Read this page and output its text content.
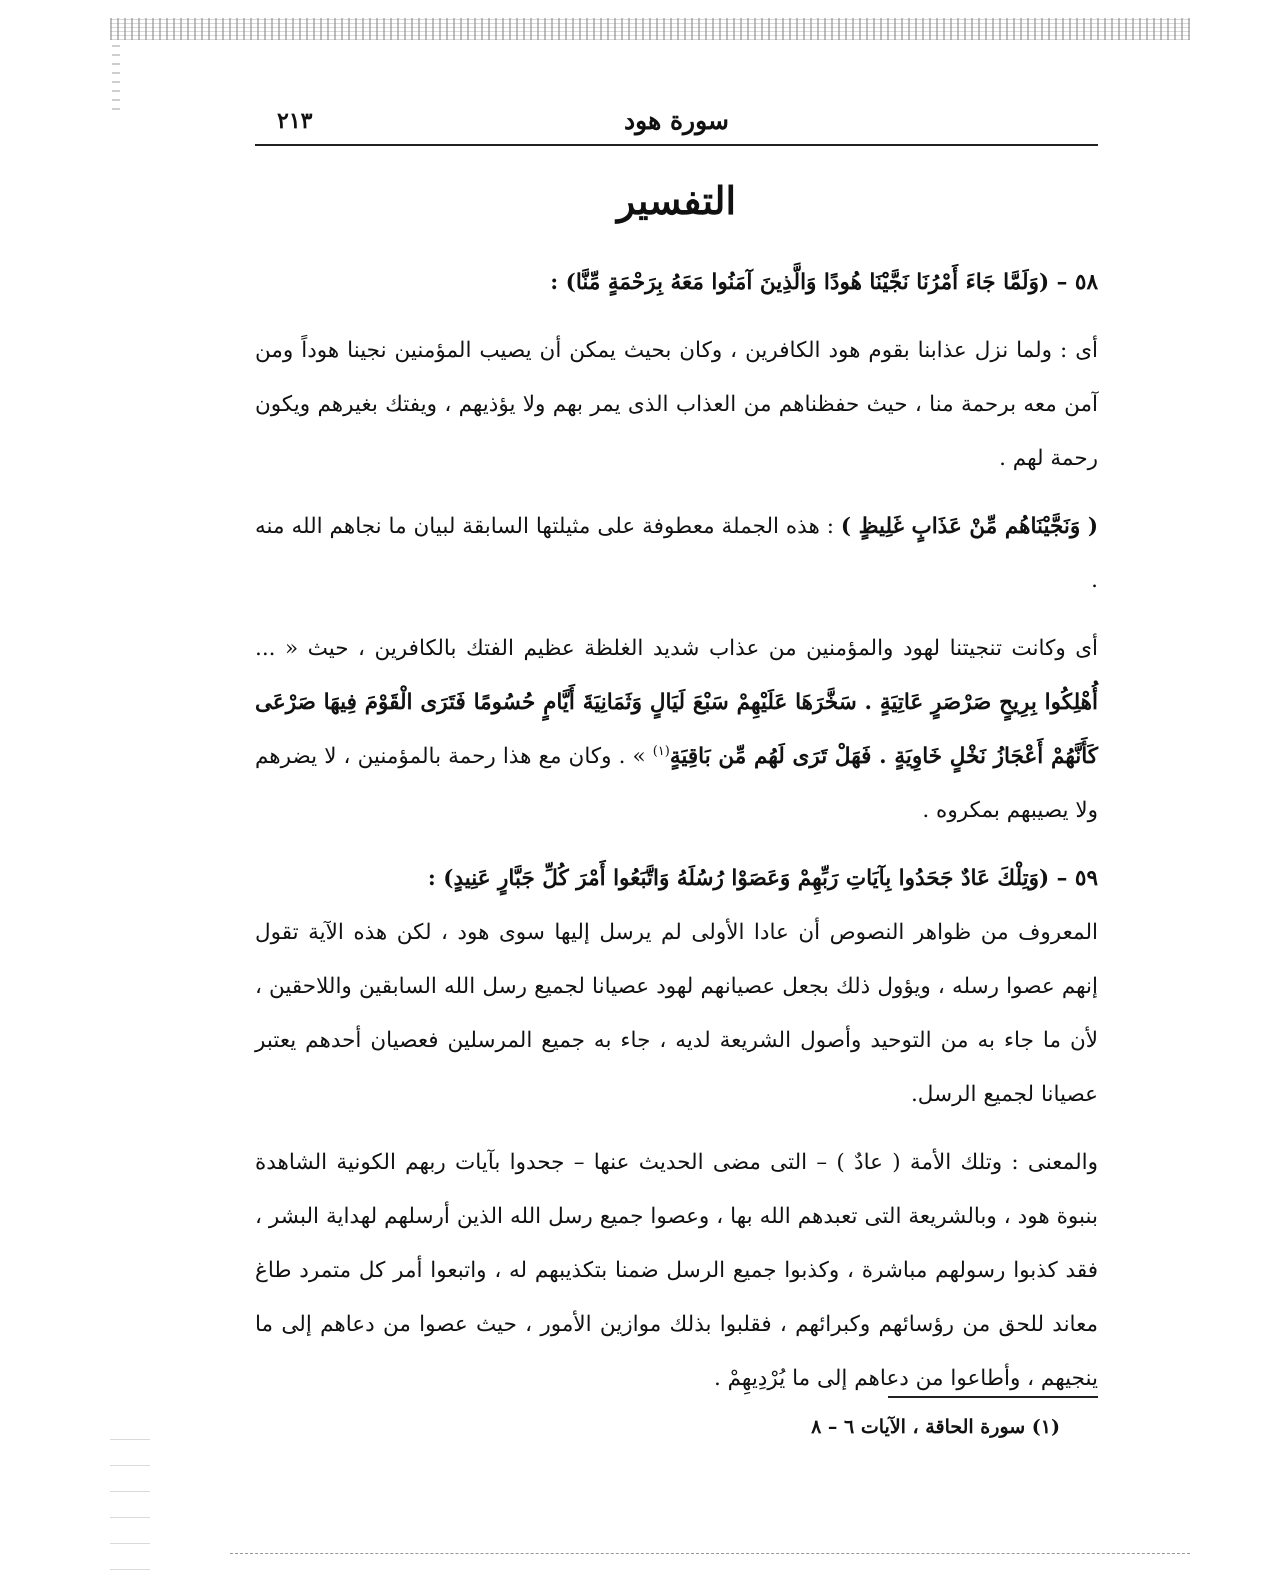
سورة هود
٢١٣
التفسير

٥٨ – (وَلَمَّا جَاءَ أَمْرُنَا نَجَّيْنَا هُودًا وَالَّذِينَ آمَنُوا مَعَهُ بِرَحْمَةٍ مِّنَّا) :

أى : ولما نزل عذابنا بقوم هود الكافرين ، وكان بحيث يمكن أن يصيب المؤمنين نجينا هوداً ومن آمن معه برحمة منا ، حيث حفظناهم من العذاب الذى يمر بهم ولا يؤذيهم ، ويفتك بغيرهم ويكون رحمة لهم .

( وَنَجَّيْنَاهُم مِّنْ عَذَابٍ غَلِيظٍ ) : هذه الجملة معطوفة على مثيلتها السابقة لبيان ما نجاهم الله منه .

أى وكانت تنجيتنا لهود والمؤمنين من عذاب شديد الغلظة عظيم الفتك بالكافرين ، حيث « ... أُهْلِكُوا بِرِيحٍ صَرْصَرٍ عَاتِيَةٍ . سَخَّرَهَا عَلَيْهِمْ سَبْعَ لَيَالٍ وَثَمَانِيَةَ أَيَّامٍ حُسُومًا فَتَرَى الْقَوْمَ فِيهَا صَرْعَى كَأَنَّهُمْ أَعْجَازُ نَخْلٍ خَاوِيَةٍ . فَهَلْ تَرَى لَهُم مِّن بَاقِيَةٍ$^{(١)}$ » . وكان مع هذا رحمة بالمؤمنين ، لا يضرهم ولا يصيبهم بمكروه .

٥٩ – (وَتِلْكَ عَادٌ جَحَدُوا بِآيَاتِ رَبِّهِمْ وَعَصَوْا رُسُلَهُ وَاتَّبَعُوا أَمْرَ كُلِّ جَبَّارٍ عَنِيدٍ) :
المعروف من ظواهر النصوص أن عادا الأولى لم يرسل إليها سوى هود ، لكن هذه الآية تقول إنهم عصوا رسله ، ويؤول ذلك بجعل عصيانهم لهود عصيانا لجميع رسل الله السابقين واللاحقين ، لأن ما جاء به من التوحيد وأصول الشريعة لديه ، جاء به جميع المرسلين فعصيان أحدهم يعتبر عصيانا لجميع الرسل.

والمعنى : وتلك الأمة ( عادٌ ) – التى مضى الحديث عنها – جحدوا بآيات ربهم الكونية الشاهدة بنبوة هود ، وبالشريعة التى تعبدهم الله بها ، وعصوا جميع رسل الله الذين أرسلهم لهداية البشر ، فقد كذبوا رسولهم مباشرة ، وكذبوا جميع الرسل ضمنا بتكذيبهم له ، واتبعوا أمر كل متمرد طاغ معاند للحق من رؤسائهم وكبرائهم ، فقلبوا بذلك موازين الأمور ، حيث عصوا من دعاهم إلى ما ينجيهم ، وأطاعوا من دعاهم إلى ما يُرْدِيهِمْ .

(١) سورة الحاقة ، الآيات ٦ – ٨
